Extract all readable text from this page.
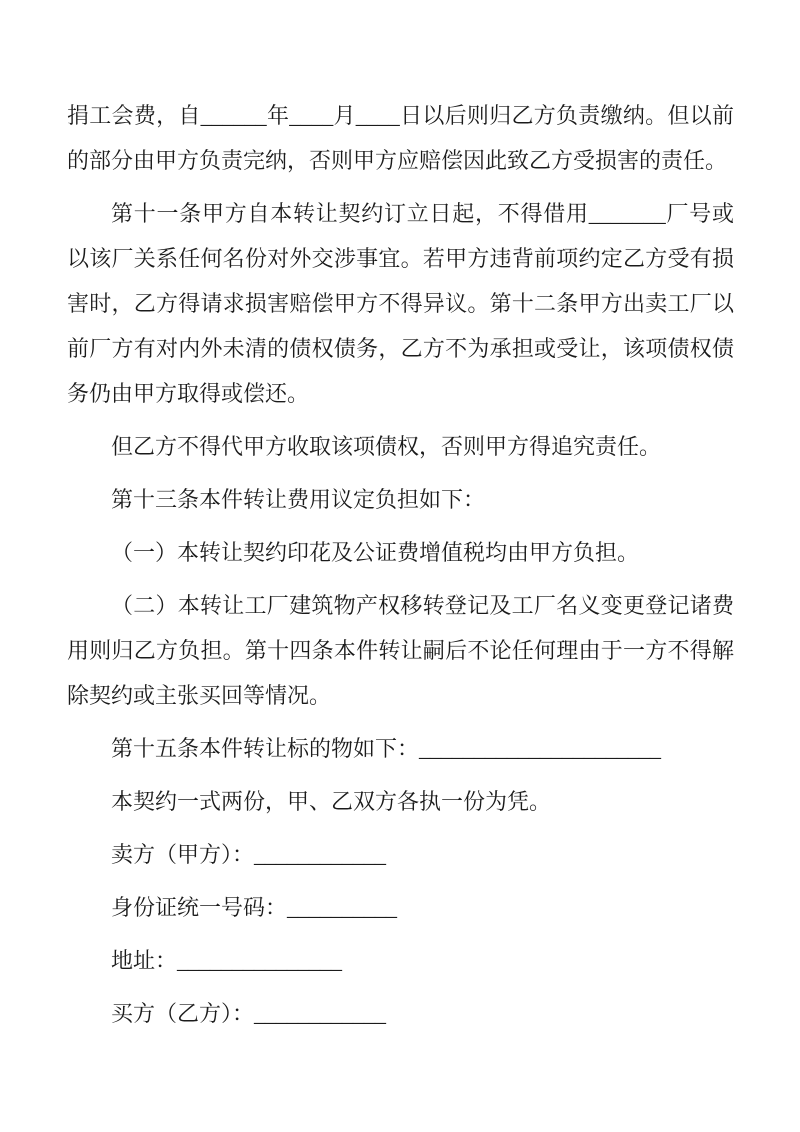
捐工会费，自______年____月____日以后则归乙方负责缴纳。但以前的部分由甲方负责完纳，否则甲方应赔偿因此致乙方受损害的责任。

第十一条甲方自本转让契约订立日起，不得借用_______厂号或以该厂关系任何名份对外交涉事宜。若甲方违背前项约定乙方受有损害时，乙方得请求损害赔偿甲方不得异议。第十二条甲方出卖工厂以前厂方有对内外未清的债权债务，乙方不为承担或受让，该项债权债务仍由甲方取得或偿还。

但乙方不得代甲方收取该项债权，否则甲方得追究责任。

第十三条本件转让费用议定负担如下：

（一）本转让契约印花及公证费增值税均由甲方负担。

（二）本转让工厂建筑物产权移转登记及工厂名义变更登记诸费用则归乙方负担。第十四条本件转让嗣后不论任何理由于一方不得解除契约或主张买回等情况。

第十五条本件转让标的物如下：______________________

本契约一式两份，甲、乙双方各执一份为凭。

卖方（甲方）：____________

身份证统一号码：__________

地址：_______________

买方（乙方）：____________
